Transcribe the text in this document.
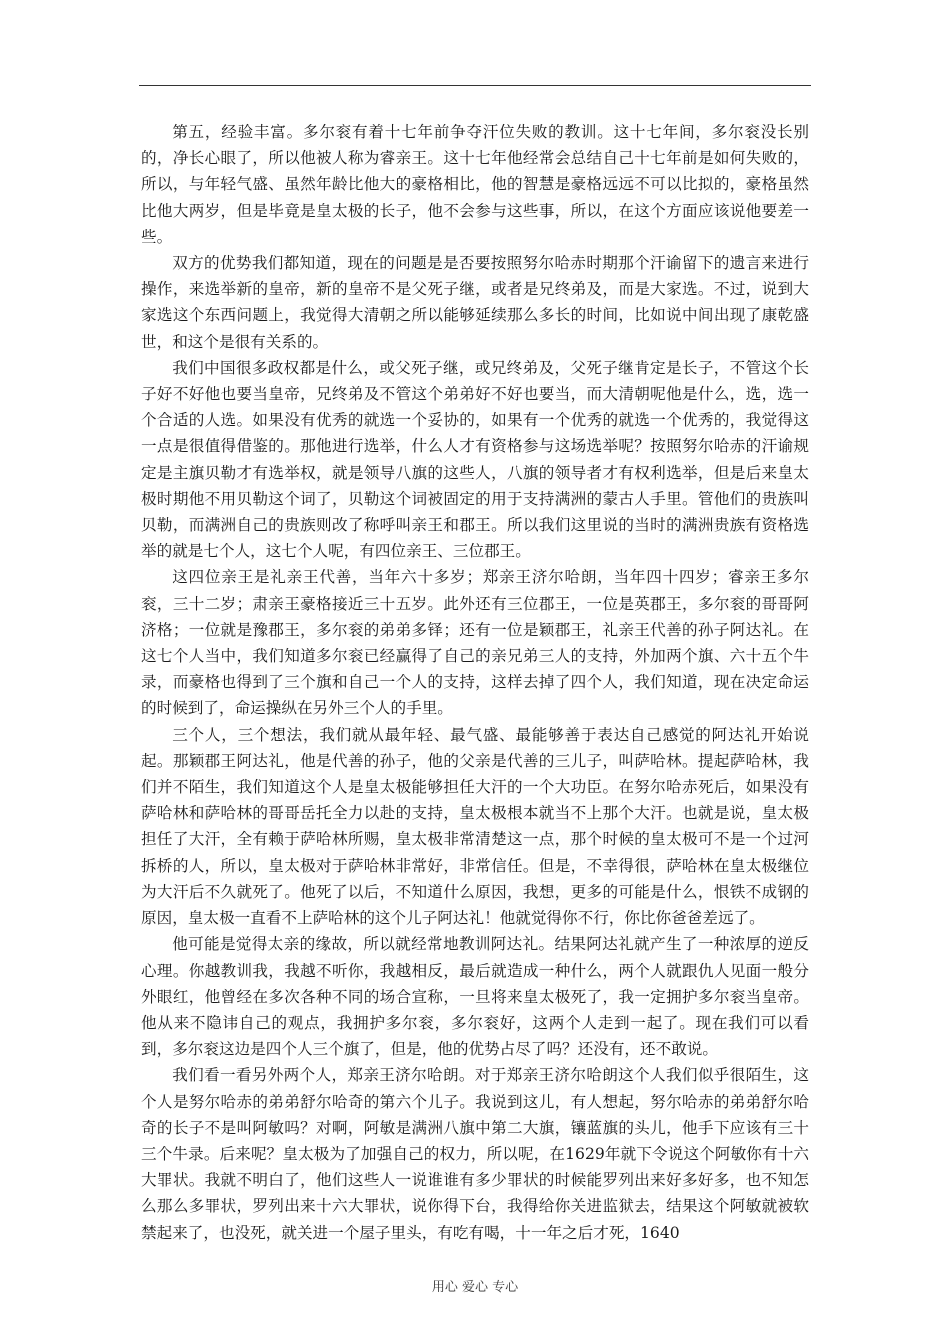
第五，经验丰富。多尔衮有着十七年前争夺汗位失败的教训。这十七年间，多尔衮没长别的，净长心眼了，所以他被人称为睿亲王。这十七年他经常会总结自己十七年前是如何失败的，所以，与年轻气盛、虽然年龄比他大的豪格相比，他的智慧是豪格远远不可以比拟的，豪格虽然比他大两岁，但是毕竟是皇太极的长子，他不会参与这些事，所以，在这个方面应该说他要差一些。

双方的优势我们都知道，现在的问题是是否要按照努尔哈赤时期那个汗谕留下的遗言来进行操作，来选举新的皇帝，新的皇帝不是父死子继，或者是兄终弟及，而是大家选。不过，说到大家选这个东西问题上，我觉得大清朝之所以能够延续那么多长的时间，比如说中间出现了康乾盛世，和这个是很有关系的。

我们中国很多政权都是什么，或父死子继，或兄终弟及，父死子继肯定是长子，不管这个长子好不好他也要当皇帝，兄终弟及不管这个弟弟好不好也要当，而大清朝呢他是什么，选，选一个合适的人选。如果没有优秀的就选一个妥协的，如果有一个优秀的就选一个优秀的，我觉得这一点是很值得借鉴的。那他进行选举，什么人才有资格参与这场选举呢？按照努尔哈赤的汗谕规定是主旗贝勒才有选举权，就是领导八旗的这些人，八旗的领导者才有权利选举，但是后来皇太极时期他不用贝勒这个词了，贝勒这个词被固定的用于支持满洲的蒙古人手里。管他们的贵族叫贝勒，而满洲自己的贵族则改了称呼叫亲王和郡王。所以我们这里说的当时的满洲贵族有资格选举的就是七个人，这七个人呢，有四位亲王、三位郡王。

这四位亲王是礼亲王代善，当年六十多岁；郑亲王济尔哈朗，当年四十四岁；睿亲王多尔衮，三十二岁；肃亲王豪格接近三十五岁。此外还有三位郡王，一位是英郡王，多尔衮的哥哥阿济格；一位就是豫郡王，多尔衮的弟弟多铎；还有一位是颖郡王，礼亲王代善的孙子阿达礼。在这七个人当中，我们知道多尔衮已经赢得了自己的亲兄弟三人的支持，外加两个旗、六十五个牛录，而豪格也得到了三个旗和自己一个人的支持，这样去掉了四个人，我们知道，现在决定命运的时候到了，命运操纵在另外三个人的手里。

三个人，三个想法，我们就从最年轻、最气盛、最能够善于表达自己感觉的阿达礼开始说起。那颖郡王阿达礼，他是代善的孙子，他的父亲是代善的三儿子，叫萨哈林。提起萨哈林，我们并不陌生，我们知道这个人是皇太极能够担任大汗的一个大功臣。在努尔哈赤死后，如果没有萨哈林和萨哈林的哥哥岳托全力以赴的支持，皇太极根本就当不上那个大汗。也就是说，皇太极担任了大汗，全有赖于萨哈林所赐，皇太极非常清楚这一点，那个时候的皇太极可不是一个过河拆桥的人，所以，皇太极对于萨哈林非常好，非常信任。但是，不幸得很，萨哈林在皇太极继位为大汗后不久就死了。他死了以后，不知道什么原因，我想，更多的可能是什么，恨铁不成钢的原因，皇太极一直看不上萨哈林的这个儿子阿达礼！他就觉得你不行，你比你爸爸差远了。

他可能是觉得太亲的缘故，所以就经常地教训阿达礼。结果阿达礼就产生了一种浓厚的逆反心理。你越教训我，我越不听你，我越相反，最后就造成一种什么，两个人就跟仇人见面一般分外眼红，他曾经在多次各种不同的场合宣称，一旦将来皇太极死了，我一定拥护多尔衮当皇帝。他从来不隐讳自己的观点，我拥护多尔衮，多尔衮好，这两个人走到一起了。现在我们可以看到，多尔衮这边是四个人三个旗了，但是，他的优势占尽了吗？还没有，还不敢说。

我们看一看另外两个人，郑亲王济尔哈朗。对于郑亲王济尔哈朗这个人我们似乎很陌生，这个人是努尔哈赤的弟弟舒尔哈奇的第六个儿子。我说到这儿，有人想起，努尔哈赤的弟弟舒尔哈奇的长子不是叫阿敏吗？对啊，阿敏是满洲八旗中第二大旗，镶蓝旗的头儿，他手下应该有三十三个牛录。后来呢？皇太极为了加强自己的权力，所以呢，在1629年就下令说这个阿敏你有十六大罪状。我就不明白了，他们这些人一说谁谁有多少罪状的时候能罗列出来好多好多，也不知怎么那么多罪状，罗列出来十六大罪状，说你得下台，我得给你关进监狱去，结果这个阿敏就被软禁起来了，也没死，就关进一个屋子里头，有吃有喝，十一年之后才死，1640

用心 爱心 专心
